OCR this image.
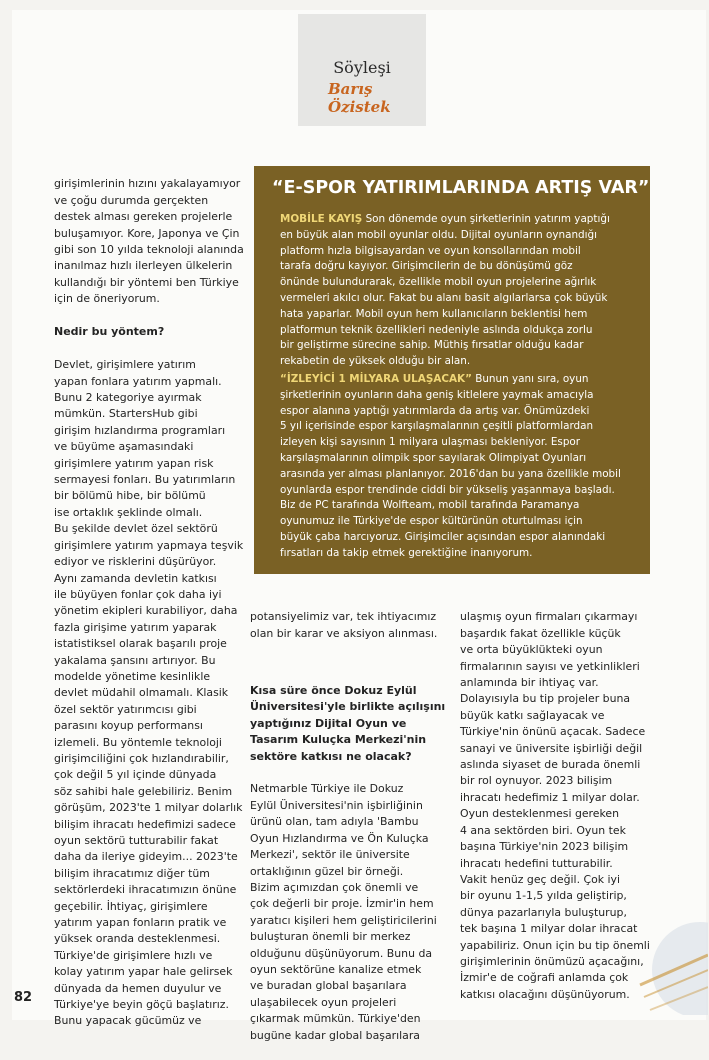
Söyleşi
Barış
Özistek

girişimlerinin hızını yakalayamıyor
ve çoğu durumda gerçekten
destek alması gereken projelerle
buluşamıyor. Kore, Japonya ve Çin
gibi son 10 yılda teknoloji alanında
inanılmaz hızlı ilerleyen ülkelerin
kullandığı bir yöntemi ben Türkiye
için de öneriyorum.

Nedir bu yöntem?

Devlet, girişimlere yatırım
yapan fonlara yatırım yapmalı.
Bunu 2 kategoriye ayırmak
mümkün. StartersHub gibi
girişim hızlandırma programları
ve büyüme aşamasındaki
girişimlere yatırım yapan risk
sermayesi fonları. Bu yatırımların
bir bölümü hibe, bir bölümü
ise ortaklık şeklinde olmalı.
Bu şekilde devlet özel sektörü
girişimlere yatırım yapmaya teşvik
ediyor ve risklerini düşürüyor.
Aynı zamanda devletin katkısı
ile büyüyen fonlar çok daha iyi
yönetim ekipleri kurabiliyor, daha
fazla girişime yatırım yaparak
istatistiksel olarak başarılı proje
yakalama şansını artırıyor. Bu
modelde yönetime kesinlikle
devlet müdahil olmamalı. Klasik
özel sektör yatırımcısı gibi
parasını koyup performansı
izlemeli. Bu yöntemle teknoloji
girişimciliğini çok hızlandırabilir,
çok değil 5 yıl içinde dünyada
söz sahibi hale gelebiliriz. Benim
görüşüm, 2023'te 1 milyar dolarlık
bilişim ihracatı hedefimizi sadece
oyun sektörü tutturabilir fakat
daha da ileriye gideyim... 2023'te
bilişim ihracatımız diğer tüm
sektörlerdeki ihracatımızın önüne
geçebilir. İhtiyaç, girişimlere
yatırım yapan fonların pratik ve
yüksek oranda desteklenmesi.
Türkiye'de girişimlere hızlı ve
kolay yatırım yapar hale gelirsek
dünyada da hemen duyulur ve
Türkiye'ye beyin göçü başlatırız.
Bunu yapacak gücümüz ve

“E-SPOR YATIRIMLARINDA ARTIŞ VAR”
MOBİLE KAYIŞ Son dönemde oyun şirketlerinin yatırım yaptığı
en büyük alan mobil oyunlar oldu. Dijital oyunların oynandığı
platform hızla bilgisayardan ve oyun konsollarından mobil
tarafa doğru kayıyor. Girişimcilerin de bu dönüşümü göz
önünde bulundurarak, özellikle mobil oyun projelerine ağırlık
vermeleri akılcı olur. Fakat bu alanı basit algılarlarsa çok büyük
hata yaparlar. Mobil oyun hem kullanıcıların beklentisi hem
platformun teknik özellikleri nedeniyle aslında oldukça zorlu
bir geliştirme sürecine sahip. Müthiş fırsatlar olduğu kadar
rekabetin de yüksek olduğu bir alan.
“İZLEYİCİ 1 MİLYARA ULAŞACAK” Bunun yanı sıra, oyun
şirketlerinin oyunların daha geniş kitlelere yaymak amacıyla
espor alanına yaptığı yatırımlarda da artış var. Önümüzdeki
5 yıl içerisinde espor karşılaşmalarının çeşitli platformlardan
izleyen kişi sayısının 1 milyara ulaşması bekleniyor. Espor
karşılaşmalarının olimpik spor sayılarak Olimpiyat Oyunları
arasında yer alması planlanıyor. 2016'dan bu yana özellikle mobil
oyunlarda espor trendinde ciddi bir yükseliş yaşanmaya başladı.
Biz de PC tarafında Wolfteam, mobil tarafında Paramanya
oyunumuz ile Türkiye'de espor kültürünün oturtulması için
büyük çaba harcıyoruz. Girişimciler açısından espor alanındaki
fırsatları da takip etmek gerektiğine inanıyorum.

potansiyelimiz var, tek ihtiyacımız
olan bir karar ve aksiyon alınması.

Kısa süre önce Dokuz Eylül
Üniversitesi'yle birlikte açılışını
yaptığınız Dijital Oyun ve
Tasarım Kuluçka Merkezi'nin
sektöre katkısı ne olacak?

Netmarble Türkiye ile Dokuz
Eylül Üniversitesi'nin işbirliğinin
ürünü olan, tam adıyla 'Bambu
Oyun Hızlandırma ve Ön Kuluçka
Merkezi', sektör ile üniversite
ortaklığının güzel bir örneği.
Bizim açımızdan çok önemli ve
çok değerli bir proje. İzmir'in hem
yaratıcı kişileri hem geliştiricilerini
buluşturan önemli bir merkez
olduğunu düşünüyorum. Bunu da
oyun sektörüne kanalize etmek
ve buradan global başarılara
ulaşabilecek oyun projeleri
çıkarmak mümkün. Türkiye'den
bugüne kadar global başarılara

ulaşmış oyun firmaları çıkarmayı
başardık fakat özellikle küçük
ve orta büyüklükteki oyun
firmalarının sayısı ve yetkinlikleri
anlamında bir ihtiyaç var.
Dolayısıyla bu tip projeler buna
büyük katkı sağlayacak ve
Türkiye'nin önünü açacak. Sadece
sanayi ve üniversite işbirliği değil
aslında siyaset de burada önemli
bir rol oynuyor. 2023 bilişim
ihracatı hedefimiz 1 milyar dolar.
Oyun desteklenmesi gereken
4 ana sektörden biri. Oyun tek
başına Türkiye'nin 2023 bilişim
ihracatı hedefini tutturabilir.
Vakit henüz geç değil. Çok iyi
bir oyunu 1-1,5 yılda geliştirip,
dünya pazarlarıyla buluşturup,
tek başına 1 milyar dolar ihracat
yapabiliriz. Onun için bu tip önemli
girişimlerinin önümüzü açacağını,
İzmir'e de coğrafi anlamda çok
katkısı olacağını düşünüyorum.

82
